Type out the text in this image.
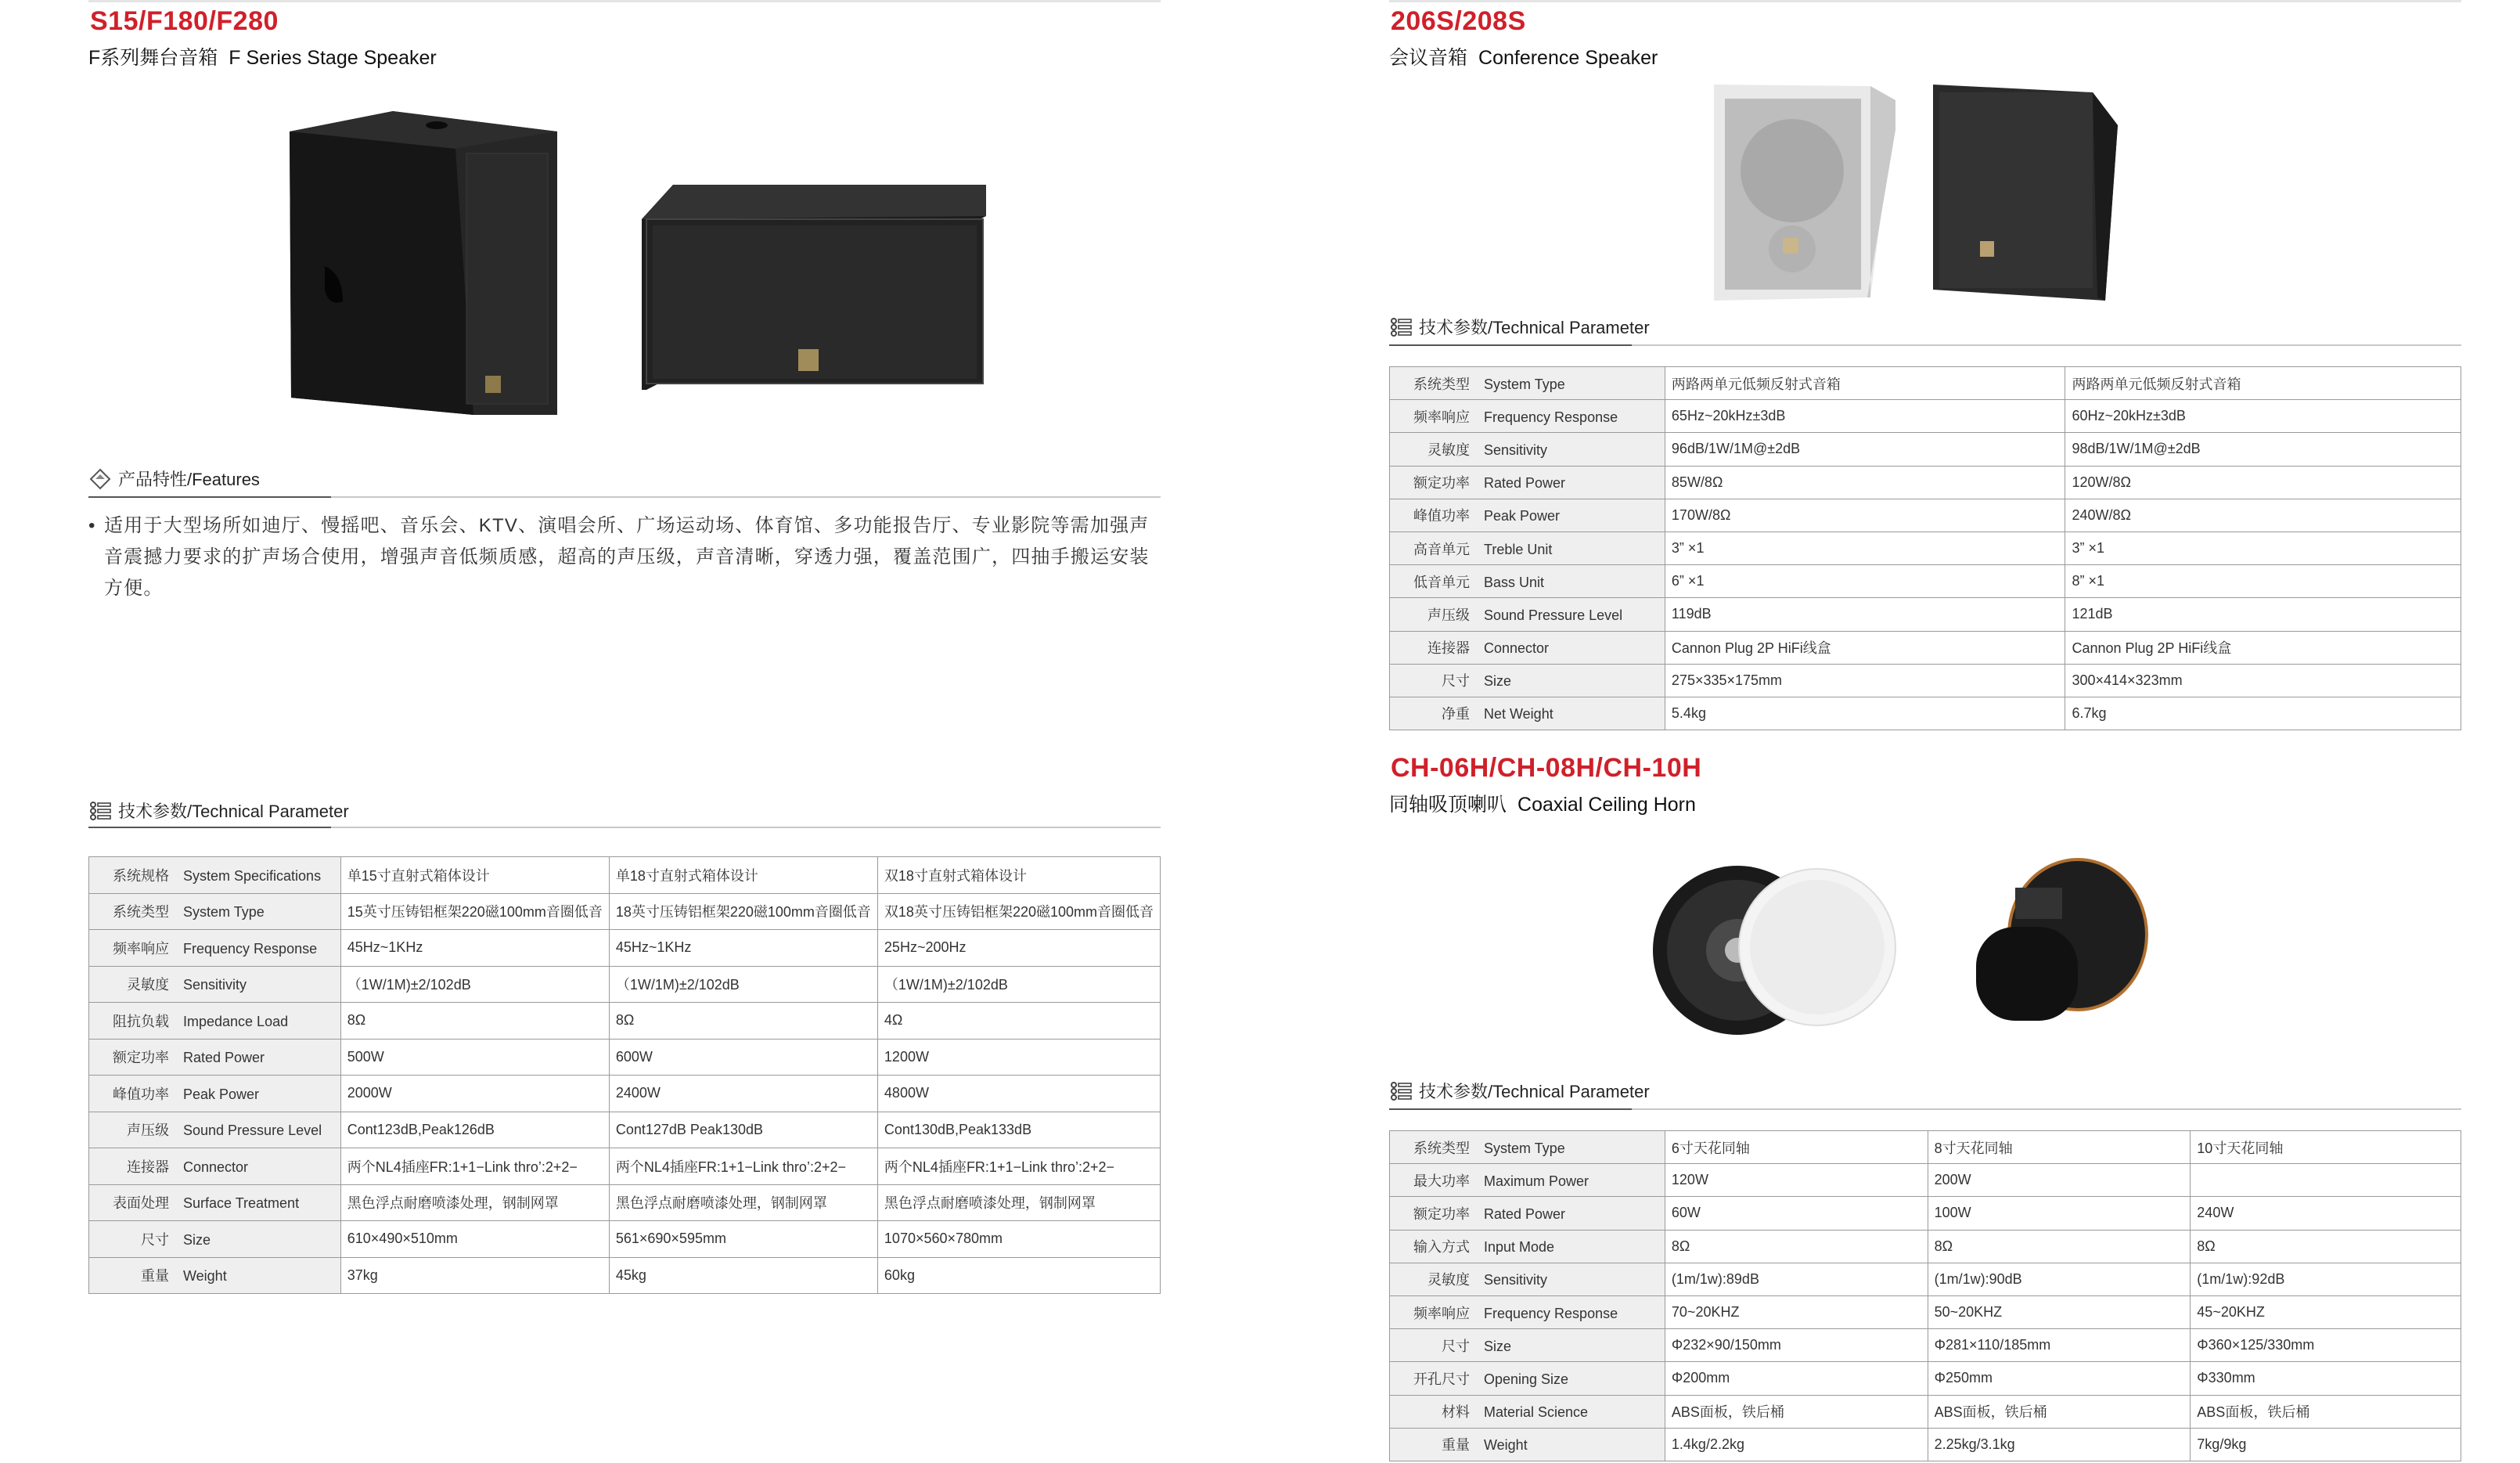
S15/F180/F280
F系列舞台音箱 F Series Stage Speaker
产品特性/Features
• 适用于大型场所如迪厅、慢摇吧、音乐会、KTV、演唱会所、广场运动场、体育馆、多功能报告厅、专业影院等需加强声音震撼力要求的扩声场合使用，增强声音低频质感，超高的声压级，声音清晰，穿透力强，覆盖范围广，四抽手搬运安装方便。
技术参数/Technical Parameter
系统规格 System Specifications	单15寸直射式箱体设计	单18寸直射式箱体设计	双18寸直射式箱体设计
系统类型 System Type	15英寸压铸铝框架220磁100mm音圈低音	18英寸压铸铝框架220磁100mm音圈低音	双18英寸压铸铝框架220磁100mm音圈低音
频率响应 Frequency Response	45Hz~1KHz	45Hz~1KHz	25Hz~200Hz
灵敏度 Sensitivity	（1W/1M)±2/102dB	（1W/1M)±2/102dB	（1W/1M)±2/102dB
阻抗负载 Impedance Load	8Ω	8Ω	4Ω
额定功率 Rated Power	500W	600W	1200W
峰值功率 Peak Power	2000W	2400W	4800W
声压级 Sound Pressure Level	Cont123dB,Peak126dB	Cont127dB Peak130dB	Cont130dB,Peak133dB
连接器 Connector	两个NL4插座FR:1+1−Link thro’:2+2−	两个NL4插座FR:1+1−Link thro’:2+2−	两个NL4插座FR:1+1−Link thro’:2+2−
表面处理 Surface Treatment	黑色浮点耐磨喷漆处理，钢制网罩	黑色浮点耐磨喷漆处理，钢制网罩	黑色浮点耐磨喷漆处理，钢制网罩
尺寸 Size	610×490×510mm	561×690×595mm	1070×560×780mm
重量 Weight	37kg	45kg	60kg
206S/208S
会议音箱 Conference Speaker
技术参数/Technical Parameter
系统类型 System Type	两路两单元低频反射式音箱	两路两单元低频反射式音箱
频率响应 Frequency Response	65Hz~20kHz±3dB	60Hz~20kHz±3dB
灵敏度 Sensitivity	96dB/1W/1M@±2dB	98dB/1W/1M@±2dB
额定功率 Rated Power	85W/8Ω	120W/8Ω
峰值功率 Peak Power	170W/8Ω	240W/8Ω
高音单元 Treble Unit	3” ×1	3” ×1
低音单元 Bass Unit	6” ×1	8” ×1
声压级 Sound Pressure Level	119dB	121dB
连接器 Connector	Cannon Plug 2P HiFi线盒	Cannon Plug 2P HiFi线盒
尺寸 Size	275×335×175mm	300×414×323mm
净重 Net Weight	5.4kg	6.7kg
CH-06H/CH-08H/CH-10H
同轴吸顶喇叭 Coaxial Ceiling Horn
技术参数/Technical Parameter
系统类型 System Type	6寸天花同轴	8寸天花同轴	10寸天花同轴
最大功率 Maximum Power	120W	200W	
额定功率 Rated Power	60W	100W	240W
输入方式 Input Mode	8Ω	8Ω	8Ω
灵敏度 Sensitivity	(1m/1w):89dB	(1m/1w):90dB	(1m/1w):92dB
频率响应 Frequency Response	70~20KHZ	50~20KHZ	45~20KHZ
尺寸 Size	Φ232×90/150mm	Φ281×110/185mm	Φ360×125/330mm
开孔尺寸 Opening Size	Φ200mm	Φ250mm	Φ330mm
材料 Material Science	ABS面板，铁后桶	ABS面板，铁后桶	ABS面板，铁后桶
重量 Weight	1.4kg/2.2kg	2.25kg/3.1kg	7kg/9kg
